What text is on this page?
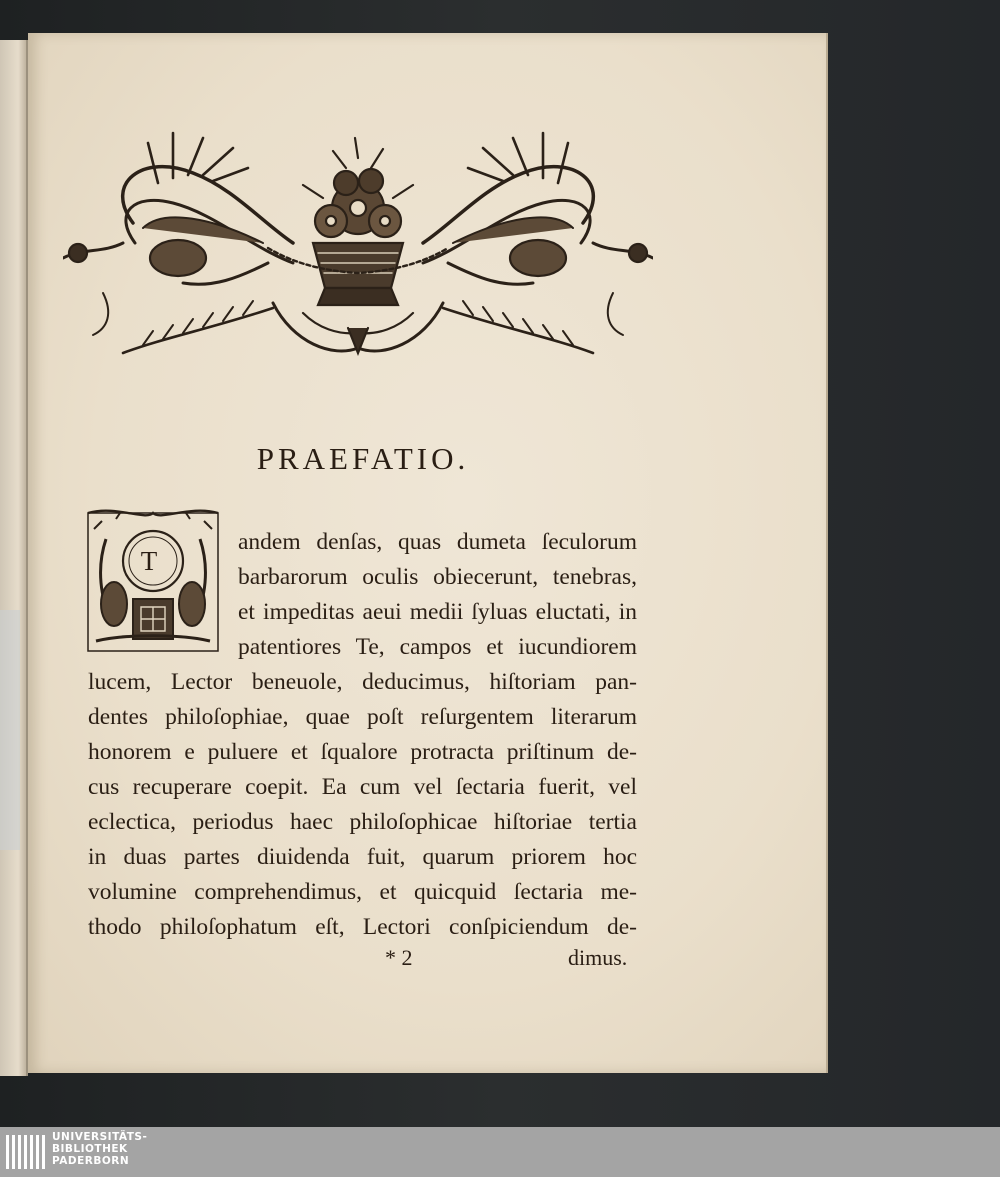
PRAEFATIO.
T

andem denſas, quas dumeta ſeculorum

barbarorum oculis obiecerunt, tenebras,

et impeditas aeui medii ſyluas eluctati, in

patentiores Te, campos et iucundiorem

lucem, Lector beneuole, deducimus, hiſtoriam pan-

dentes philoſophiae, quae poſt reſurgentem literarum

honorem e puluere et ſqualore protracta priſtinum de-

cus recuperare coepit. Ea cum vel ſectaria fuerit, vel

eclectica, periodus haec philoſophicae hiſtoriae tertia

in duas partes diuidenda fuit, quarum priorem hoc

volumine comprehendimus, et quicquid ſectaria me-

thodo philoſophatum eſt, Lectori conſpiciendum de-

* 2	dimus.
UNIVERSITÄTS-
BIBLIOTHEK
PADERBORN
